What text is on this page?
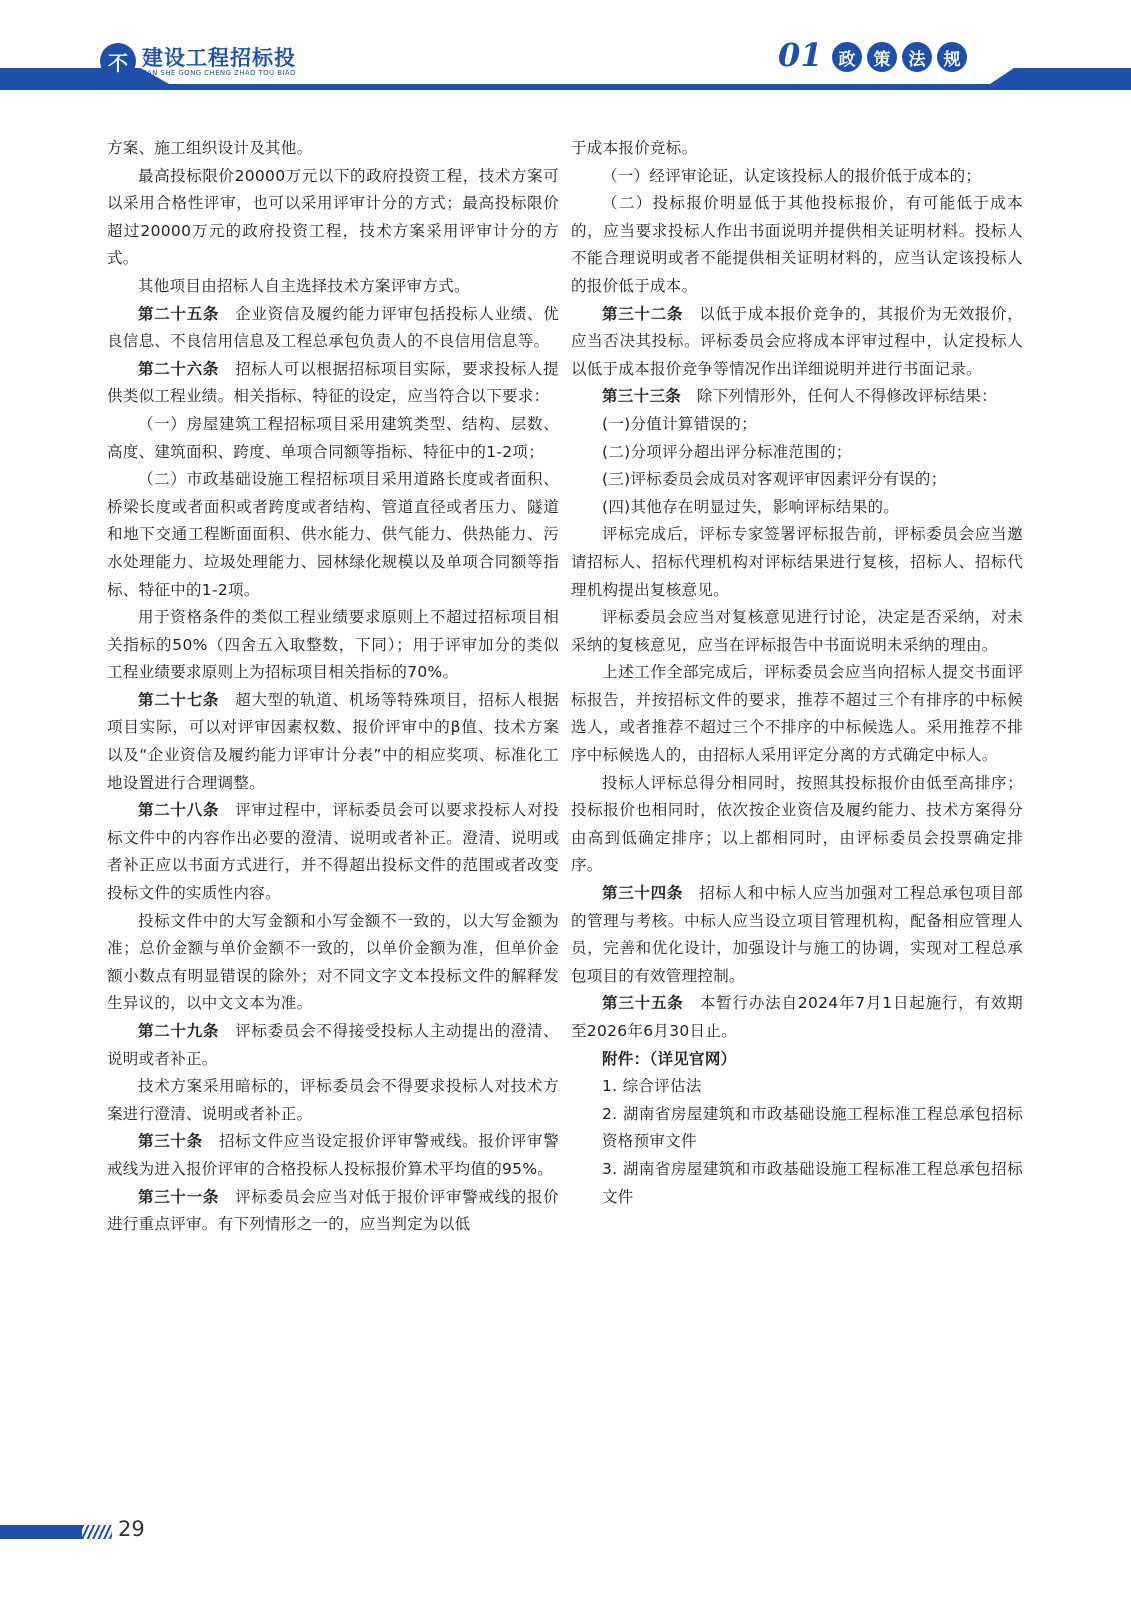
不 建设工程招标投
JIAN SHE GONG CHENG ZHAO TOU BIAO	01 政	策	法	规

方案、施工组织设计及其他。

最高投标限价20000万元以下的政府投资工程，技术方案可以采用合格性评审，也可以采用评审计分的方式；最高投标限价超过20000万元的政府投资工程，技术方案采用评审计分的方式。

其他项目由招标人自主选择技术方案评审方式。

第二十五条　企业资信及履约能力评审包括投标人业绩、优良信息、不良信用信息及工程总承包负责人的不良信用信息等。

第二十六条　招标人可以根据招标项目实际，要求投标人提供类似工程业绩。相关指标、特征的设定，应当符合以下要求：

（一）房屋建筑工程招标项目采用建筑类型、结构、层数、高度、建筑面积、跨度、单项合同额等指标、特征中的1-2项；

（二）市政基础设施工程招标项目采用道路长度或者面积、桥梁长度或者面积或者跨度或者结构、管道直径或者压力、隧道和地下交通工程断面面积、供水能力、供气能力、供热能力、污水处理能力、垃圾处理能力、园林绿化规模以及单项合同额等指标、特征中的1-2项。

用于资格条件的类似工程业绩要求原则上不超过招标项目相关指标的50%（四舍五入取整数，下同）；用于评审加分的类似工程业绩要求原则上为招标项目相关指标的70%。

第二十七条　超大型的轨道、机场等特殊项目，招标人根据项目实际，可以对评审因素权数、报价评审中的β值、技术方案以及“企业资信及履约能力评审计分表”中的相应奖项、标准化工地设置进行合理调整。

第二十八条　评审过程中，评标委员会可以要求投标人对投标文件中的内容作出必要的澄清、说明或者补正。澄清、说明或者补正应以书面方式进行，并不得超出投标文件的范围或者改变投标文件的实质性内容。

投标文件中的大写金额和小写金额不一致的，以大写金额为准；总价金额与单价金额不一致的，以单价金额为准，但单价金额小数点有明显错误的除外；对不同文字文本投标文件的解释发生异议的，以中文文本为准。

第二十九条　评标委员会不得接受投标人主动提出的澄清、说明或者补正。

技术方案采用暗标的，评标委员会不得要求投标人对技术方案进行澄清、说明或者补正。

第三十条　招标文件应当设定报价评审警戒线。报价评审警戒线为进入报价评审的合格投标人投标报价算术平均值的95%。

第三十一条　评标委员会应当对低于报价评审警戒线的报价进行重点评审。有下列情形之一的，应当判定为以低

于成本报价竞标。

（一）经评审论证，认定该投标人的报价低于成本的；

（二）投标报价明显低于其他投标报价，有可能低于成本的，应当要求投标人作出书面说明并提供相关证明材料。投标人不能合理说明或者不能提供相关证明材料的，应当认定该投标人的报价低于成本。

第三十二条　以低于成本报价竞争的，其报价为无效报价，应当否决其投标。评标委员会应将成本评审过程中，认定投标人以低于成本报价竞争等情况作出详细说明并进行书面记录。

第三十三条　除下列情形外，任何人不得修改评标结果：

(一)分值计算错误的；

(二)分项评分超出评分标准范围的；

(三)评标委员会成员对客观评审因素评分有误的；

(四)其他存在明显过失，影响评标结果的。

评标完成后，评标专家签署评标报告前，评标委员会应当邀请招标人、招标代理机构对评标结果进行复核，招标人、招标代理机构提出复核意见。

评标委员会应当对复核意见进行讨论，决定是否采纳，对未采纳的复核意见，应当在评标报告中书面说明未采纳的理由。

上述工作全部完成后，评标委员会应当向招标人提交书面评标报告，并按招标文件的要求，推荐不超过三个有排序的中标候选人，或者推荐不超过三个不排序的中标候选人。采用推荐不排序中标候选人的，由招标人采用评定分离的方式确定中标人。

投标人评标总得分相同时，按照其投标报价由低至高排序；投标报价也相同时，依次按企业资信及履约能力、技术方案得分由高到低确定排序；以上都相同时，由评标委员会投票确定排序。

第三十四条　招标人和中标人应当加强对工程总承包项目部的管理与考核。中标人应当设立项目管理机构，配备相应管理人员，完善和优化设计，加强设计与施工的协调，实现对工程总承包项目的有效管理控制。

第三十五条　本暂行办法自2024年7月1日起施行，有效期至2026年6月30日止。

附件：（详见官网）

1. 综合评估法

2. 湖南省房屋建筑和市政基础设施工程标准工程总承包招标资格预审文件

3. 湖南省房屋建筑和市政基础设施工程标准工程总承包招标文件

29
